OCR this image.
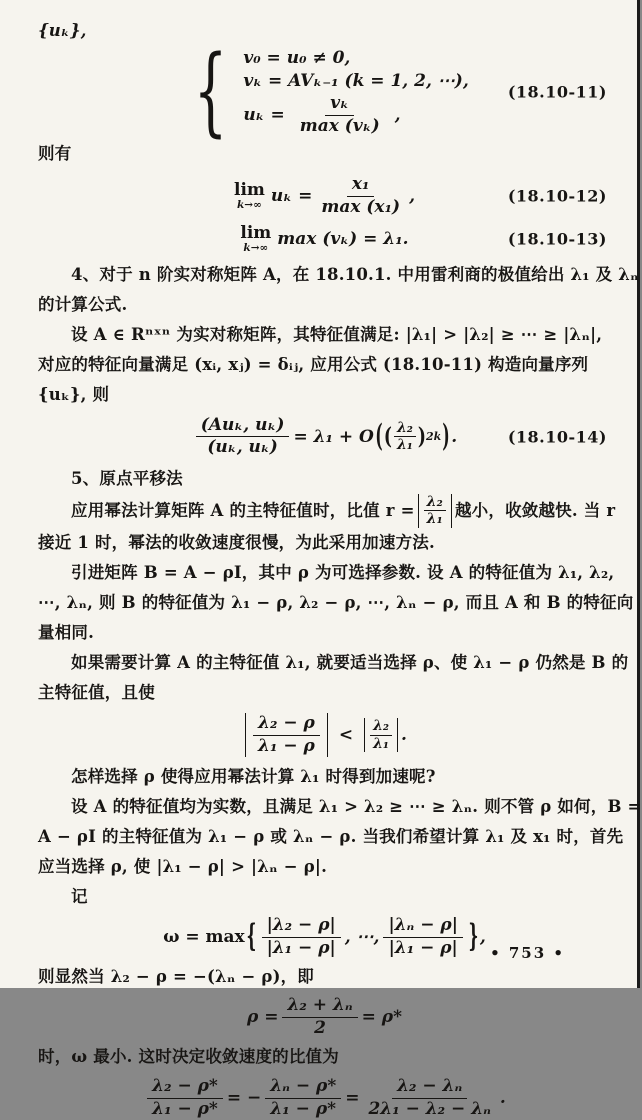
{uₖ},
{ v₀ = u₀ ≠ 0,
vₖ = AVₖ₋₁ (k = 1, 2, ⋯),
$u_k = \frac{\text{vₖ}}{\text{max (vₖ)}}$ ,
(18.10-11)
则有
lim
k→∞ $u_k = \frac{\text{x₁}}{\text{max (x₁)}}$ ,	(18.10-12)
lim
k→∞ max (vₖ) = λ₁.	(18.10-13)
4、对于 n 阶实对称矩阵 A，在 18.10.1. 中用雷利商的极值给出 λ₁ 及 λₙ
的计算公式.
设 A ∈ Rⁿˣⁿ 为实对称矩阵，其特征值满足: |λ₁| > |λ₂| ≥ ⋯ ≥ |λₙ|,
对应的特征向量满足 (xᵢ, xⱼ) = δᵢⱼ, 应用公式 (18.10-11) 构造向量序列
{uₖ}, 则
$\frac{\text{(Auₖ, uₖ)}}{\text{(uₖ, uₖ)}} = \lambda_1 + O$ ( ( $\frac{\text{λ₂}}{\text{λ₁}}$ ) 2k ) .	(18.10-14)
5、原点平移法
应用幂法计算矩阵 A 的主特征值时，比值 $r = \frac{\text{λ₂}}{\text{λ₁}}$ 越小，收敛越快. 当 r
接近 1 时，幂法的收敛速度很慢，为此采用加速方法.
引进矩阵 B = A − ρI，其中 ρ 为可选择参数. 设 A 的特征值为 λ₁, λ₂,
⋯, λₙ, 则 B 的特征值为 λ₁ − ρ, λ₂ − ρ, ⋯, λₙ − ρ, 而且 A 和 B 的特征向
量相同.
如果需要计算 A 的主特征值 λ₁, 就要适当选择 ρ、使 λ₁ − ρ 仍然是 B 的
主特征值，且使
$\frac{\text{λ₂ − ρ}}{\text{λ₁ − ρ}} < \frac{\text{λ₂}}{\text{λ₁}}$ .
怎样选择 ρ 使得应用幂法计算 λ₁ 时得到加速呢?
设 A 的特征值均为实数，且满足 λ₁ > λ₂ ≥ ⋯ ≥ λₙ. 则不管 ρ 如何，B =
A − ρI 的主特征值为 λ₁ − ρ 或 λₙ − ρ. 当我们希望计算 λ₁ 及 x₁ 时，首先
应当选择 ρ, 使 |λ₁ − ρ| > |λₙ − ρ|.
记
ω = max { $\frac{\text{|λ₂ − ρ|}}{\text{|λ₁ − ρ|}}$ , ⋯, $\frac{\text{|λₙ − ρ|}}{\text{|λ₁ − ρ|}}$ } ,
则显然当 λ₂ − ρ = −(λₙ − ρ)，即
$\rho = \frac{\text{λ₂ + λₙ}}{2} = \rho*$
时，ω 最小. 这时决定收敛速度的比值为
$\frac{\text{λ₂ − ρ*}}{\text{λ₁ − ρ*}}$ = − $\frac{\text{λₙ − ρ*}}{\text{λ₁ − ρ*}} = \frac{\text{λ₂ − λₙ}}{\text{2λ₁ − λ₂ − λₙ}}$ .
• 753 •
